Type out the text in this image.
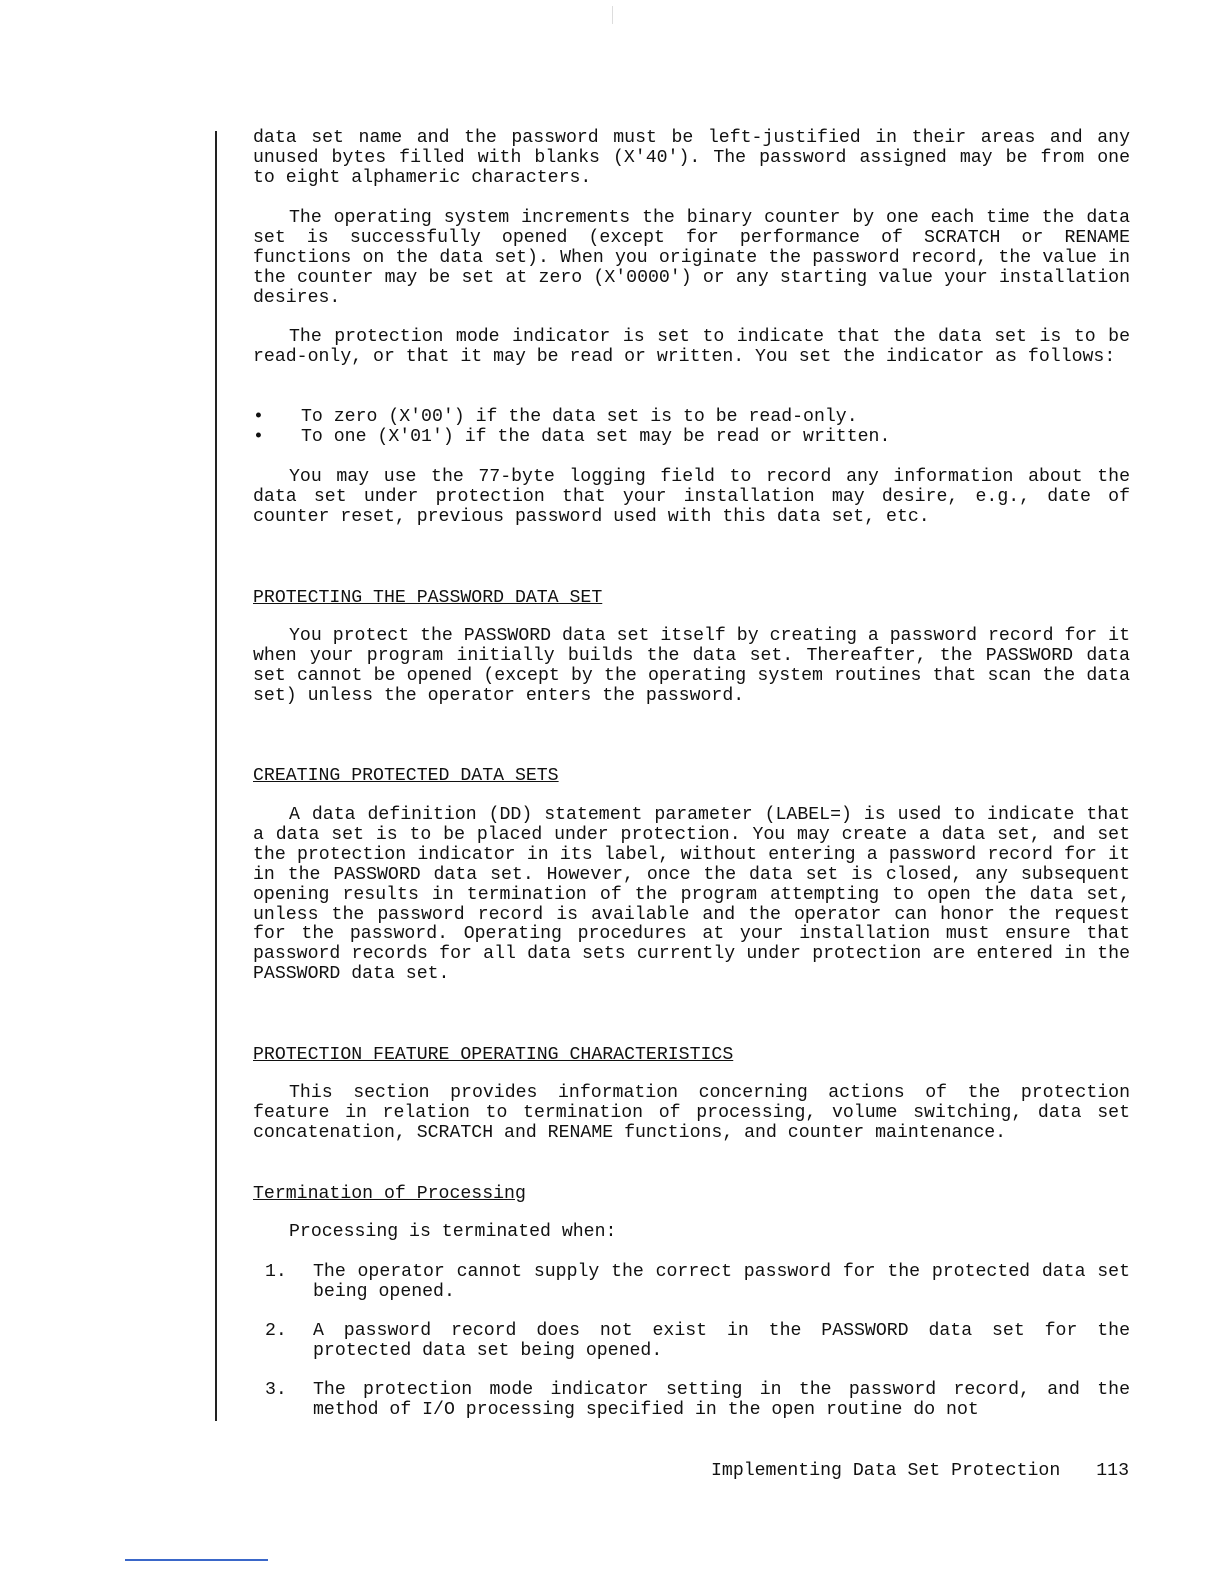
data set name and the password must be left-justified in their areas and any unused bytes filled with blanks (X'40'). The password assigned may be from one to eight alphameric characters.

The operating system increments the binary counter by one each time the data set is successfully opened (except for performance of SCRATCH or RENAME functions on the data set). When you originate the password record, the value in the counter may be set at zero (X'0000') or any starting value your installation desires.

The protection mode indicator is set to indicate that the data set is to be read-only, or that it may be read or written. You set the indicator as follows:

•	To zero (X'00') if the data set is to be read-only.

•	To one (X'01') if the data set may be read or written.

You may use the 77-byte logging field to record any information about the data set under protection that your installation may desire, e.g., date of counter reset, previous password used with this data set, etc.

PROTECTING THE PASSWORD DATA SET

You protect the PASSWORD data set itself by creating a password record for it when your program initially builds the data set. Thereafter, the PASSWORD data set cannot be opened (except by the operating system routines that scan the data set) unless the operator enters the password.

CREATING PROTECTED DATA SETS

A data definition (DD) statement parameter (LABEL=) is used to indicate that a data set is to be placed under protection. You may create a data set, and set the protection indicator in its label, without entering a password record for it in the PASSWORD data set. However, once the data set is closed, any subsequent opening results in termination of the program attempting to open the data set, unless the password record is available and the operator can honor the request for the password. Operating procedures at your installation must ensure that password records for all data sets currently under protection are entered in the PASSWORD data set.

PROTECTION FEATURE OPERATING CHARACTERISTICS

This section provides information concerning actions of the protection feature in relation to termination of processing, volume switching, data set concatenation, SCRATCH and RENAME functions, and counter maintenance.

Termination of Processing

Processing is terminated when:

1. The operator cannot supply the correct password for the protected data set being opened.

2. A password record does not exist in the PASSWORD data set for the protected data set being opened.

3. The protection mode indicator setting in the password record, and the method of I/O processing specified in the open routine do not

Implementing Data Set Protection 113
